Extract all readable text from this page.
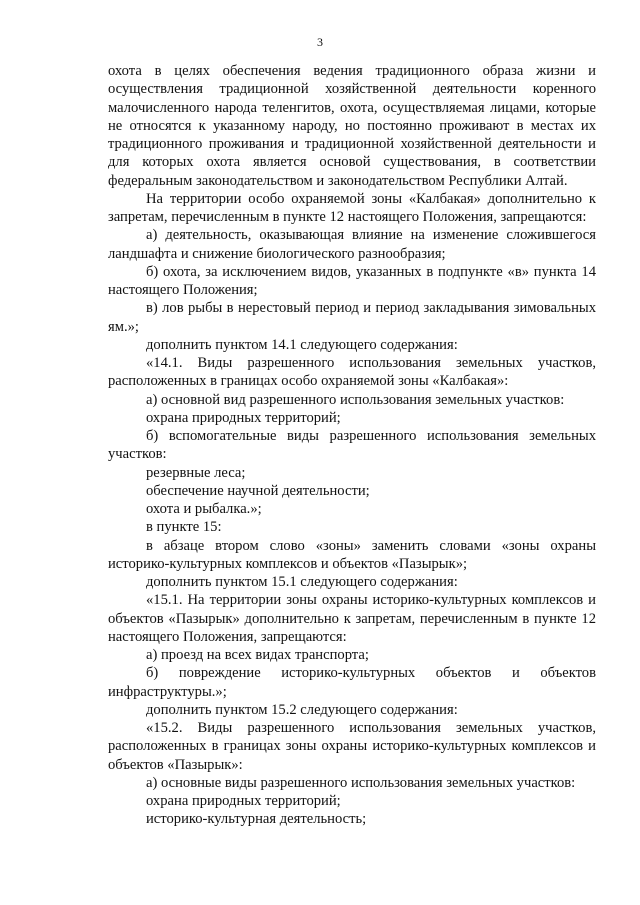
3

охота в целях обеспечения ведения традиционного образа жизни и осуществления традиционной хозяйственной деятельности коренного малочисленного народа теленгитов, охота, осуществляемая лицами, которые не относятся к указанному народу, но постоянно проживают в местах их традиционного проживания и традиционной хозяйственной деятельности и для которых охота является основой существования, в соответствии федеральным законодательством и законодательством Республики Алтай.

На территории особо охраняемой зоны «Калбакая» дополнительно к запретам, перечисленным в пункте 12 настоящего Положения, запрещаются:

а) деятельность, оказывающая влияние на изменение сложившегося ландшафта и снижение биологического разнообразия;

б) охота, за исключением видов, указанных в подпункте «в» пункта 14 настоящего Положения;

в) лов рыбы в нерестовый период и период закладывания зимовальных ям.»;

дополнить пунктом 14.1 следующего содержания:

«14.1. Виды разрешенного использования земельных участков, расположенных в границах особо охраняемой зоны «Калбакая»:

а) основной вид разрешенного использования земельных участков:

охрана природных территорий;

б) вспомогательные виды разрешенного использования земельных участков:

резервные леса;

обеспечение научной деятельности;

охота и рыбалка.»;

в пункте 15:

в абзаце втором слово «зоны» заменить словами «зоны охраны историко-культурных комплексов и объектов «Пазырык»;

дополнить пунктом 15.1 следующего содержания:

«15.1. На территории зоны охраны историко-культурных комплексов и объектов «Пазырык» дополнительно к запретам, перечисленным в пункте 12 настоящего Положения, запрещаются:

а) проезд на всех видах транспорта;

б) повреждение историко-культурных объектов и объектов инфраструктуры.»;

дополнить пунктом 15.2 следующего содержания:

«15.2. Виды разрешенного использования земельных участков, расположенных в границах зоны охраны историко-культурных комплексов и объектов «Пазырык»:

а) основные виды разрешенного использования земельных участков:

охрана природных территорий;

историко-культурная деятельность;
